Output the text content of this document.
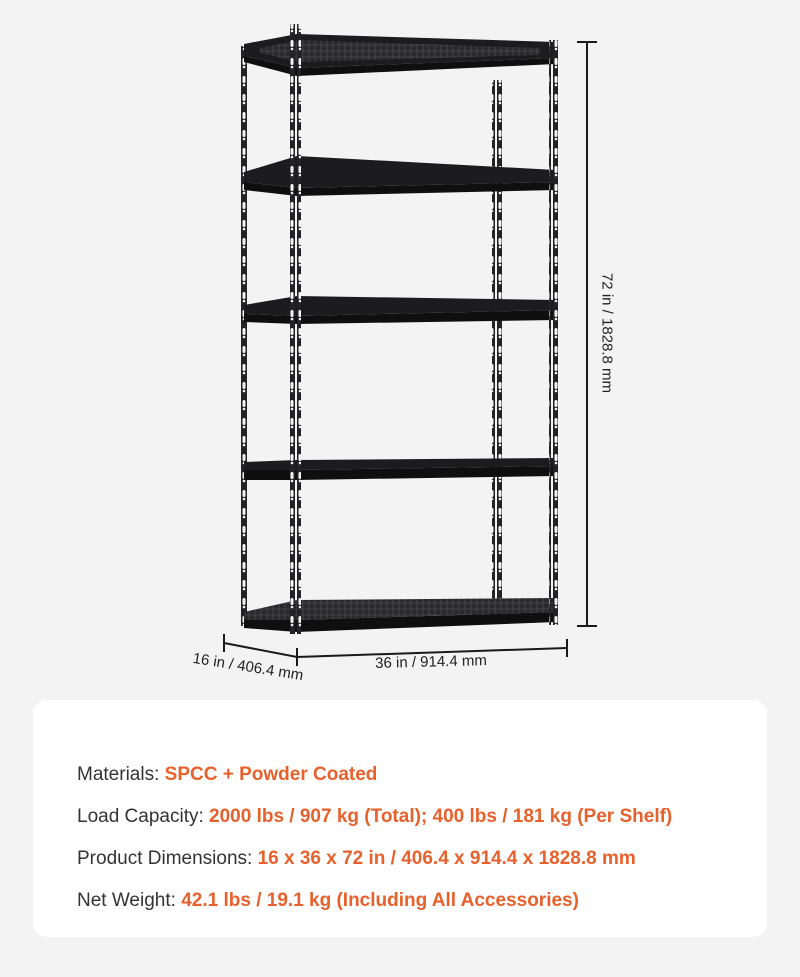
72 in / 1828.8 mm
36 in / 914.4 mm
16 in / 406.4 mm
Materials: SPCC + Powder Coated
Load Capacity: 2000 lbs / 907 kg (Total); 400 lbs / 181 kg (Per Shelf)
Product Dimensions: 16 x 36 x 72 in / 406.4 x 914.4 x 1828.8 mm
Net Weight: 42.1 lbs / 19.1 kg (Including All Accessories)
